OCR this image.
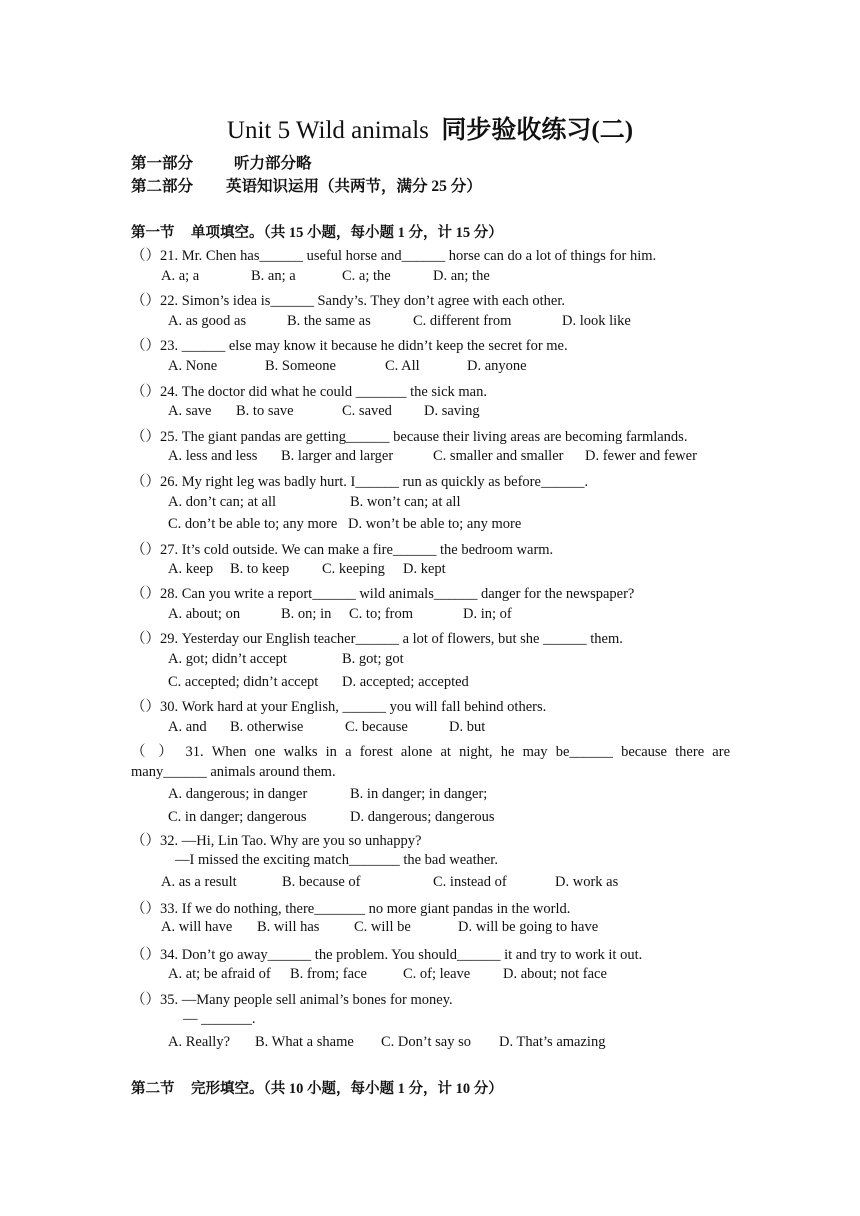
Unit 5 Wild animals 同步验收练习(二)
第一部分	听力部分略
第二部分 英语知识运用（共两节，满分 25 分）
第一节 单项填空。（共 15 小题，每小题 1 分，计 15 分）
（）21. Mr. Chen has______ useful horse and______ horse can do a lot of things for him.
A. a; a	B. an; a	C. a; the	D. an; the
（）22. Simon’s idea is______ Sandy’s. They don’t agree with each other.
A. as good as	B. the same as	C. different from	D. look like
（）23. ______ else may know it because he didn’t keep the secret for me.
A. None	B. Someone	C. All	D. anyone
（）24. The doctor did what he could _______ the sick man.
A. save B. to save	C. saved D. saving
（）25. The giant pandas are getting______ because their living areas are becoming farmlands.
A. less and less B. larger and larger	C. smaller and smaller D. fewer and fewer
（）26. My right leg was badly hurt. I______ run as quickly as before______.
A. don’t can; at all	B. won’t can; at all
C. don’t be able to; any more D. won’t be able to; any more
（）27. It’s cold outside. We can make a fire______ the bedroom warm.
A. keep B. to keep C. keeping D. kept
（）28. Can you write a report______ wild animals______ danger for the newspaper?
A. about; on	B. on; in C. to; from	D. in; of
（）29. Yesterday our English teacher______ a lot of flowers, but she ______ them.
A. got; didn’t accept	B. got; got
C. accepted; didn’t accept D. accepted; accepted
（）30. Work hard at your English, ______ you will fall behind others.
A. and B. otherwise	C. because	D. but
（ ） 31. When one walks in a forest alone at night, he may be______ because there are
many______ animals around them.
A. dangerous; in danger	B. in danger; in danger;
C. in danger; dangerous	D. dangerous; dangerous
（）32. —Hi, Lin Tao. Why are you so unhappy?
—I missed the exciting match_______ the bad weather.
A. as a result	B. because of	C. instead of	D. work as
（）33. If we do nothing, there_______ no more giant pandas in the world.
A. will have B. will has C. will be	D. will be going to have
（）34. Don’t go away______ the problem. You should______ it and try to work it out.
A. at; be afraid of B. from; face C. of; leave D. about; not face
（）35. —Many people sell animal’s bones for money.
— _______.
A. Really? B. What a shame C. Don’t say so D. That’s amazing
第二节 完形填空。（共 10 小题，每小题 1 分，计 10 分）
